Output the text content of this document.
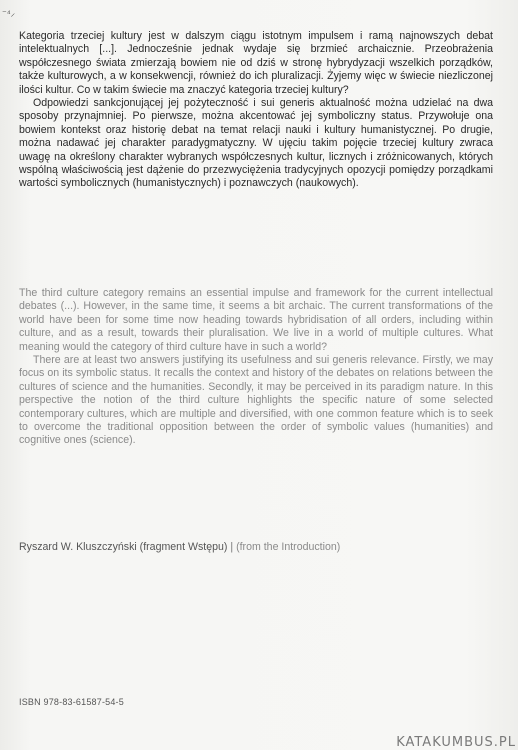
⁻⁴⸝

Kategoria trzeciej kultury jest w dalszym ciągu istotnym impulsem i ramą najnowszych debat intelektualnych [...]. Jednocześnie jednak wydaje się brzmieć archaicznie. Przeobrażenia współczesnego świata zmierzają bowiem nie od dziś w stronę hybrydyzacji wszelkich porządków, także kulturowych, a w konsekwencji, również do ich pluralizacji. Żyjemy więc w świecie niezliczonej ilości kultur. Co w takim świecie ma znaczyć kategoria trzeciej kultury?

Odpowiedzi sankcjonującej jej pożyteczność i sui generis aktualność można udzielać na dwa sposoby przynajmniej. Po pierwsze, można akcentować jej symboliczny status. Przywołuje ona bowiem kontekst oraz historię debat na temat relacji nauki i kultury humanistycznej. Po drugie, można nadawać jej charakter paradygmatyczny. W ujęciu takim pojęcie trzeciej kultury zwraca uwagę na określony charakter wybranych współczesnych kultur, licznych i zróżnicowanych, których wspólną właściwością jest dążenie do przezwyciężenia tradycyjnych opozycji pomiędzy porządkami wartości symbolicznych (humanistycznych) i poznawczych (naukowych).

The third culture category remains an essential impulse and framework for the current intellectual debates (...). However, in the same time, it seems a bit archaic. The current transformations of the world have been for some time now heading towards hybridisation of all orders, including within culture, and as a result, towards their pluralisation. We live in a world of multiple cultures. What meaning would the category of third culture have in such a world?

There are at least two answers justifying its usefulness and sui generis relevance. Firstly, we may focus on its symbolic status. It recalls the context and history of the debates on relations between the cultures of science and the humanities. Secondly, it may be perceived in its paradigm nature. In this perspective the notion of the third culture highlights the specific nature of some selected contemporary cultures, which are multiple and diversified, with one common feature which is to seek to overcome the traditional opposition between the order of symbolic values (humanities) and cognitive ones (science).

Ryszard W. Kluszczyński (fragment Wstępu) | (from the Introduction)
ISBN 978-83-61587-54-5
KATAKUMBUS.PL
